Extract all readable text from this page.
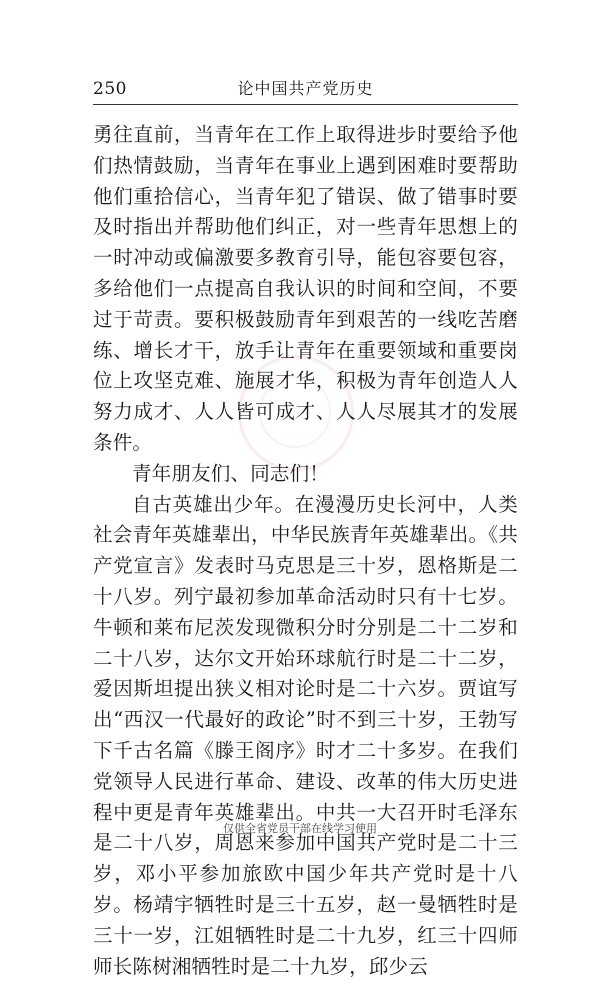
250	论中国共产党历史

勇往直前，当青年在工作上取得进步时要给予他们热情鼓励，当青年在事业上遇到困难时要帮助他们重拾信心，当青年犯了错误、做了错事时要及时指出并帮助他们纠正，对一些青年思想上的一时冲动或偏激要多教育引导，能包容要包容，多给他们一点提高自我认识的时间和空间，不要过于苛责。要积极鼓励青年到艰苦的一线吃苦磨练、增长才干，放手让青年在重要领域和重要岗位上攻坚克难、施展才华，积极为青年创造人人努力成才、人人皆可成才、人人尽展其才的发展条件。

青年朋友们、同志们！

自古英雄出少年。在漫漫历史长河中，人类社会青年英雄辈出，中华民族青年英雄辈出。《共产党宣言》发表时马克思是三十岁，恩格斯是二十八岁。列宁最初参加革命活动时只有十七岁。牛顿和莱布尼茨发现微积分时分别是二十二岁和二十八岁，达尔文开始环球航行时是二十二岁，爱因斯坦提出狭义相对论时是二十六岁。贾谊写出“西汉一代最好的政论”时不到三十岁，王勃写下千古名篇《滕王阁序》时才二十多岁。在我们党领导人民进行革命、建设、改革的伟大历史进程中更是青年英雄辈出。中共一大召开时毛泽东是二十八岁，周恩来参加中国共产党时是二十三岁，邓小平参加旅欧中国少年共产党时是十八岁。杨靖宇牺牲时是三十五岁，赵一曼牺牲时是三十一岁，江姐牺牲时是二十九岁，红三十四师师长陈树湘牺牲时是二十九岁，邱少云

仅供全省党员干部在线学习使用
